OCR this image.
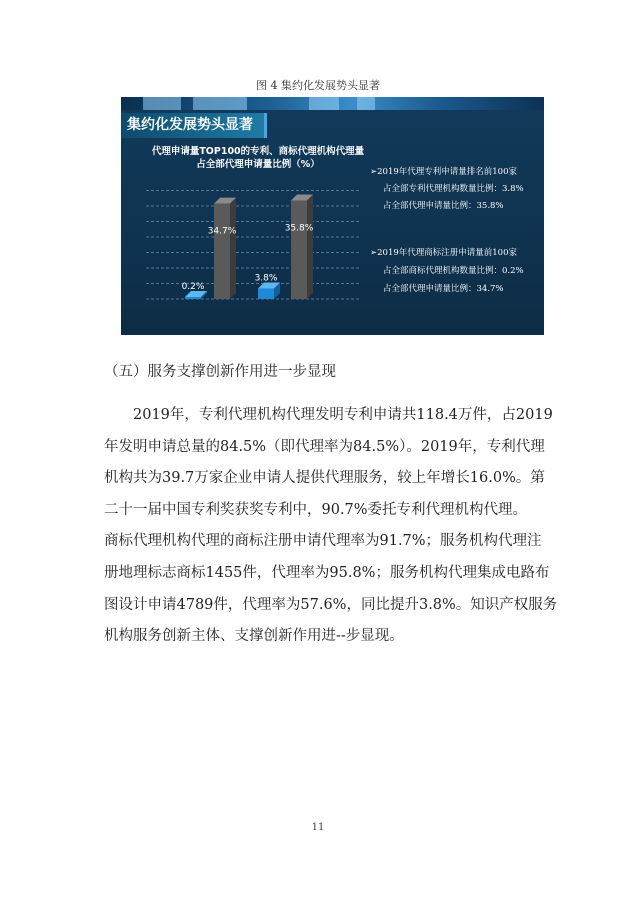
图 4 集约化发展势头显著
集约化发展势头显著
代理申请量TOP100的专利、商标代理机构代理量
占全部代理申请量比例（%）
0.2%
34.7%
3.8%
35.8%
➢2019年代理专利申请量排名前100家
占全部专利代理机构数量比例：3.8%
占全部代理申请量比例：35.8%
➢2019年代理商标注册申请量前100家
占全部商标代理机构数量比例：0.2%
占全部代理申请量比例：34.7%
（五）服务支撑创新作用进一步显现
　　2019年，专利代理机构代理发明专利申请共118.4万件，占2019
年发明申请总量的84.5%（即代理率为84.5%）。2019年，专利代理
机构共为39.7万家企业申请人提供代理服务，较上年增长16.0%。第
二十一届中国专利奖获奖专利中，90.7%委托专利代理机构代理。
商标代理机构代理的商标注册申请代理率为91.7%；服务机构代理注
册地理标志商标1455件，代理率为95.8%；服务机构代理集成电路布
图设计申请4789件，代理率为57.6%，同比提升3.8%。知识产权服务
机构服务创新主体、支撑创新作用进--步显现。
11
